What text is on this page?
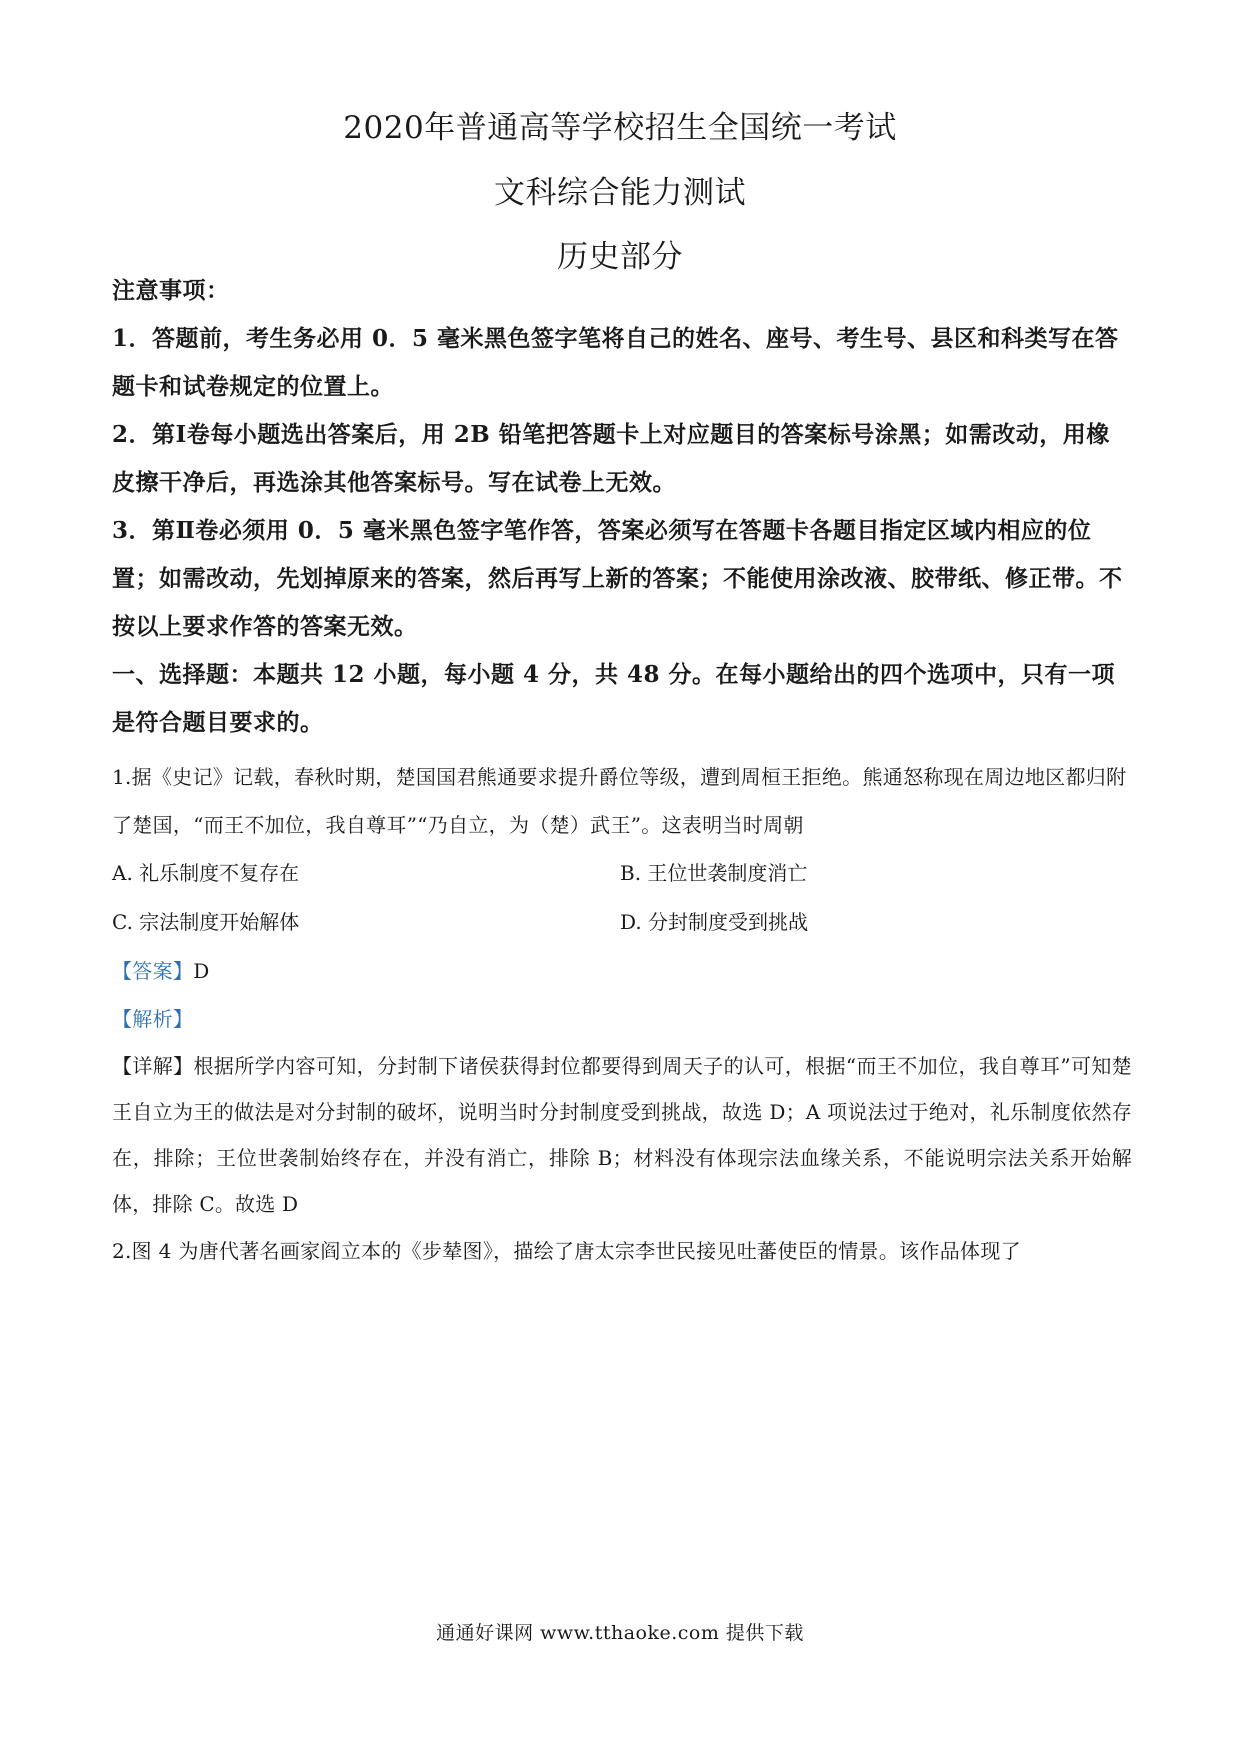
2020年普通高等学校招生全国统一考试
文科综合能力测试
历史部分

注意事项：

1．答题前，考生务必用 0．5 毫米黑色签字笔将自己的姓名、座号、考生号、县区和科类写在答题卡和试卷规定的位置上。

2．第Ⅰ卷每小题选出答案后，用 2B 铅笔把答题卡上对应题目的答案标号涂黑；如需改动，用橡皮擦干净后，再选涂其他答案标号。写在试卷上无效。

3．第Ⅱ卷必须用 0．5 毫米黑色签字笔作答，答案必须写在答题卡各题目指定区域内相应的位置；如需改动，先划掉原来的答案，然后再写上新的答案；不能使用涂改液、胶带纸、修正带。不按以上要求作答的答案无效。

一、选择题：本题共 12 小题，每小题 4 分，共 48 分。在每小题给出的四个选项中，只有一项是符合题目要求的。

1.据《史记》记载，春秋时期，楚国国君熊通要求提升爵位等级，遭到周桓王拒绝。熊通怒称现在周边地区都归附了楚国，“而王不加位，我自尊耳”“乃自立，为（楚）武王”。这表明当时周朝

A. 礼乐制度不复存在	B. 王位世袭制度消亡
C. 宗法制度开始解体	D. 分封制度受到挑战

【答案】D

【解析】

【详解】根据所学内容可知，分封制下诸侯获得封位都要得到周天子的认可，根据“而王不加位，我自尊耳”可知楚王自立为王的做法是对分封制的破坏，说明当时分封制度受到挑战，故选 D；A 项说法过于绝对，礼乐制度依然存在，排除；王位世袭制始终存在，并没有消亡，排除 B；材料没有体现宗法血缘关系，不能说明宗法关系开始解体，排除 C。故选 D

2.图 4 为唐代著名画家阎立本的《步辇图》，描绘了唐太宗李世民接见吐蕃使臣的情景。该作品体现了

通通好课网 www.tthaoke.com 提供下载
